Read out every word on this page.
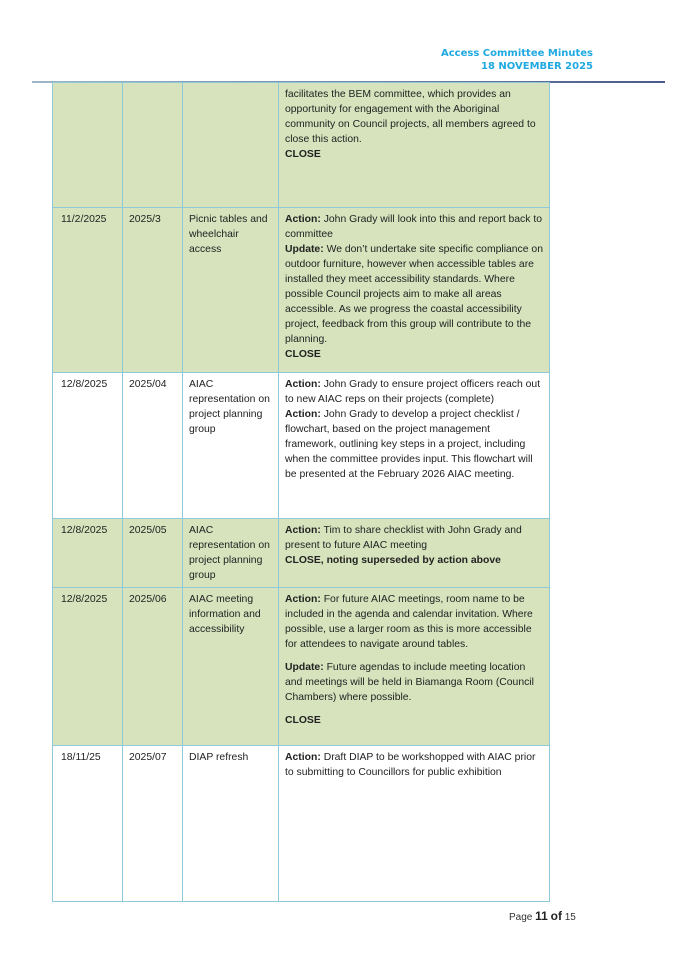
Access Committee Minutes
18 NOVEMBER 2025
			facilitates the BEM committee, which provides an opportunity for engagement with the Aboriginal community on Council projects, all members agreed to close this action.
CLOSE

11/2/2025	2025/3	Picnic tables and wheelchair access	Action: John Grady will look into this and report back to committee
Update: We don’t undertake site specific compliance on outdoor furniture, however when accessible tables are installed they meet accessibility standards. Where possible Council projects aim to make all areas accessible. As we progress the coastal accessibility project, feedback from this group will contribute to the planning.
CLOSE

12/8/2025	2025/04	AIAC representation on project planning group	Action: John Grady to ensure project officers reach out to new AIAC reps on their projects (complete)
Action: John Grady to develop a project checklist / flowchart, based on the project management framework, outlining key steps in a project, including when the committee provides input. This flowchart will be presented at the February 2026 AIAC meeting.
12/8/2025	2025/05	AIAC representation on project planning group	Action: Tim to share checklist with John Grady and present to future AIAC meeting
CLOSE, noting superseded by action above

12/8/2025	2025/06	AIAC meeting information and accessibility	Action: For future AIAC meetings, room name to be included in the agenda and calendar invitation. Where possible, use a larger room as this is more accessible for attendees to navigate around tables.
Update: Future agendas to include meeting location and meetings will be held in Biamanga Room (Council Chambers) where possible.
CLOSE

18/11/25	2025/07	DIAP refresh	Action: Draft DIAP to be workshopped with AIAC prior to submitting to Councillors for public exhibition
Page 11 of 15
